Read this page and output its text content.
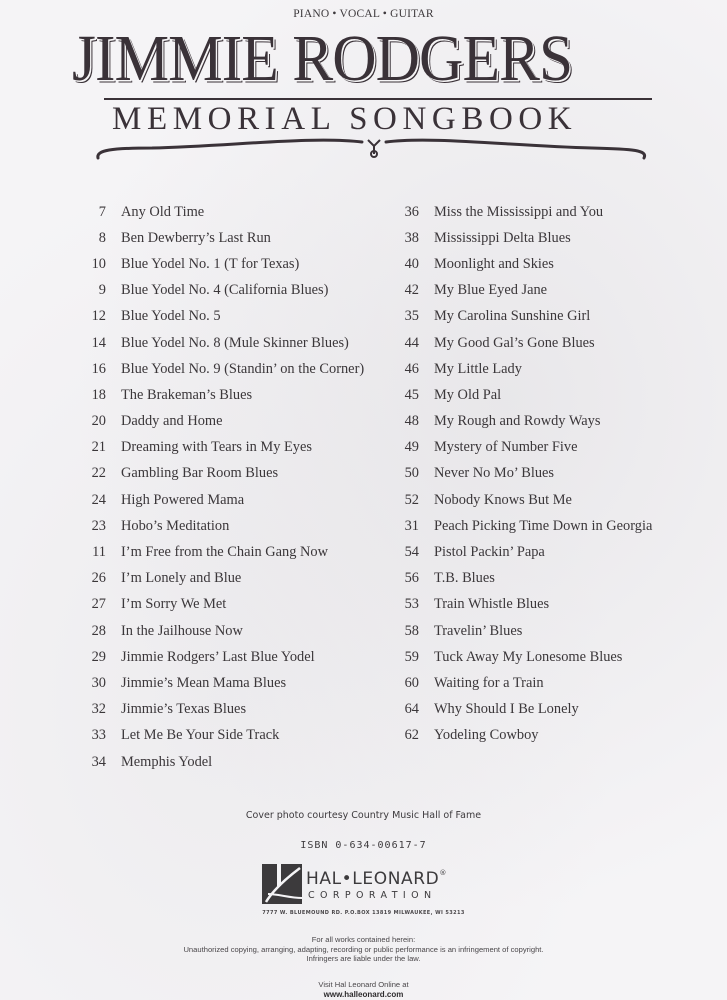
PIANO • VOCAL • GUITAR
JIMMIE RODGERS
MEMORIAL SONGBOOK
7 Any Old Time
8 Ben Dewberry’s Last Run
10 Blue Yodel No. 1 (T for Texas)
9 Blue Yodel No. 4 (California Blues)
12 Blue Yodel No. 5
14 Blue Yodel No. 8 (Mule Skinner Blues)
16 Blue Yodel No. 9 (Standin’ on the Corner)
18 The Brakeman’s Blues
20 Daddy and Home
21 Dreaming with Tears in My Eyes
22 Gambling Bar Room Blues
24 High Powered Mama
23 Hobo’s Meditation
11 I’m Free from the Chain Gang Now
26 I’m Lonely and Blue
27 I’m Sorry We Met
28 In the Jailhouse Now
29 Jimmie Rodgers’ Last Blue Yodel
30 Jimmie’s Mean Mama Blues
32 Jimmie’s Texas Blues
33 Let Me Be Your Side Track
34 Memphis Yodel
36 Miss the Mississippi and You
38 Mississippi Delta Blues
40 Moonlight and Skies
42 My Blue Eyed Jane
35 My Carolina Sunshine Girl
44 My Good Gal’s Gone Blues
46 My Little Lady
45 My Old Pal
48 My Rough and Rowdy Ways
49 Mystery of Number Five
50 Never No Mo’ Blues
52 Nobody Knows But Me
31 Peach Picking Time Down in Georgia
54 Pistol Packin’ Papa
56 T.B. Blues
53 Train Whistle Blues
58 Travelin’ Blues
59 Tuck Away My Lonesome Blues
60 Waiting for a Train
64 Why Should I Be Lonely
62 Yodeling Cowboy
Cover photo courtesy Country Music Hall of Fame
ISBN 0-634-00617-7
HAL•LEONARD®
CORPORATION
7777 W. BLUEMOUND RD. P.O.BOX 13819 MILWAUKEE, WI 53213
For all works contained herein:
Unauthorized copying, arranging, adapting, recording or public performance is an infringement of copyright.
Infringers are liable under the law.
Visit Hal Leonard Online at
www.halleonard.com
